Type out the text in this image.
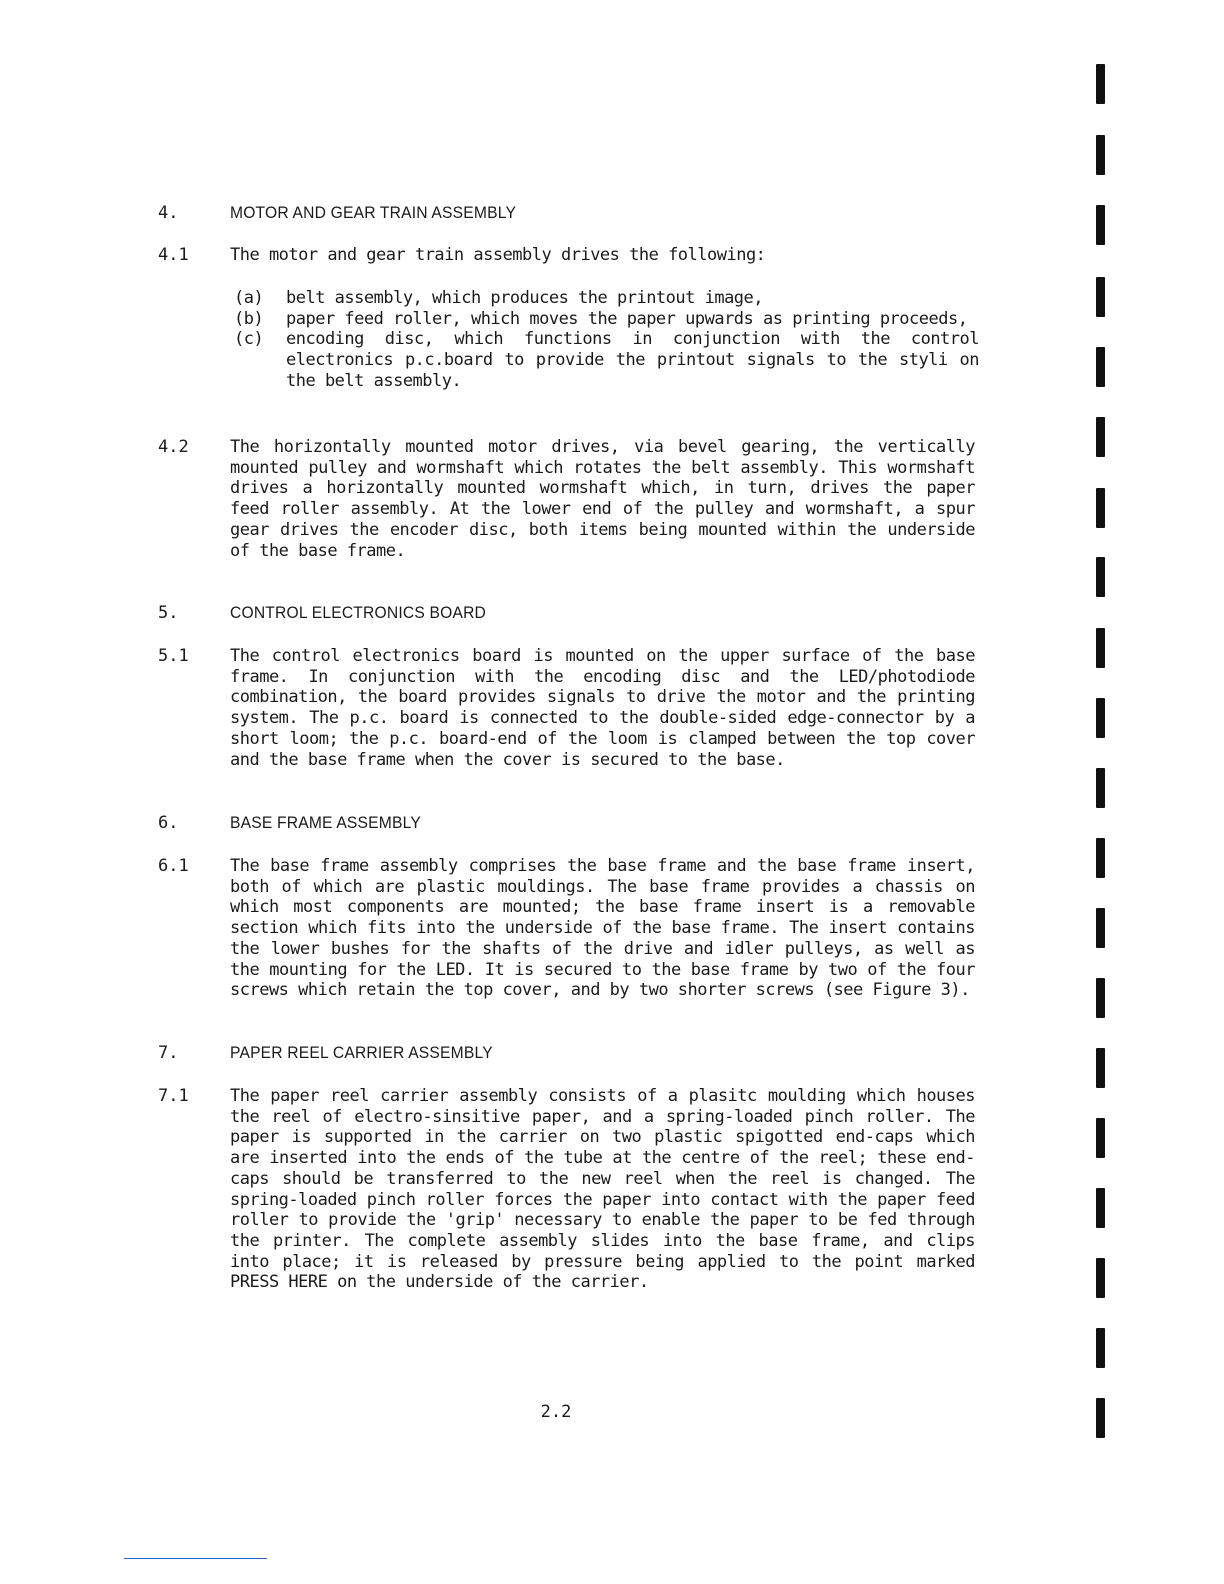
4.	MOTOR AND GEAR TRAIN ASSEMBLY
4.1	The motor and gear train assembly drives the following:
(a)	belt assembly, which produces the printout image,
(b)	paper feed roller, which moves the paper upwards as printing proceeds,
(c)	encoding disc, which functions in conjunction with the control electronics p.c.board to provide the printout signals to the styli on the belt assembly.
4.2	The horizontally mounted motor drives, via bevel gearing, the vertically mounted pulley and wormshaft which rotates the belt assembly. This wormshaft drives a horizontally mounted wormshaft which, in turn, drives the paper feed roller assembly. At the lower end of the pulley and wormshaft, a spur gear drives the encoder disc, both items being mounted within the underside of the base frame.
5.	CONTROL ELECTRONICS BOARD
5.1	The control electronics board is mounted on the upper surface of the base frame. In conjunction with the encoding disc and the LED/photodiode combination, the board provides signals to drive the motor and the printing system. The p.c. board is connected to the double-sided edge-connector by a short loom; the p.c. board-end of the loom is clamped between the top cover and the base frame when the cover is secured to the base.
6.	BASE FRAME ASSEMBLY
6.1	The base frame assembly comprises the base frame and the base frame insert, both of which are plastic mouldings. The base frame provides a chassis on which most components are mounted; the base frame insert is a removable section which fits into the underside of the base frame. The insert contains the lower bushes for the shafts of the drive and idler pulleys, as well as the mounting for the LED. It is secured to the base frame by two of the four screws which retain the top cover, and by two shorter screws (see Figure 3).
7.	PAPER REEL CARRIER ASSEMBLY
7.1	The paper reel carrier assembly consists of a plasitc moulding which houses the reel of electro-sinsitive paper, and a spring-loaded pinch roller. The paper is supported in the carrier on two plastic spigotted end-caps which are inserted into the ends of the tube at the centre of the reel; these end-caps should be transferred to the new reel when the reel is changed. The spring-loaded pinch roller forces the paper into contact with the paper feed roller to provide the 'grip' necessary to enable the paper to be fed through the printer. The complete assembly slides into the base frame, and clips into place; it is released by pressure being applied to the point marked PRESS HERE on the underside of the carrier.
2.2
